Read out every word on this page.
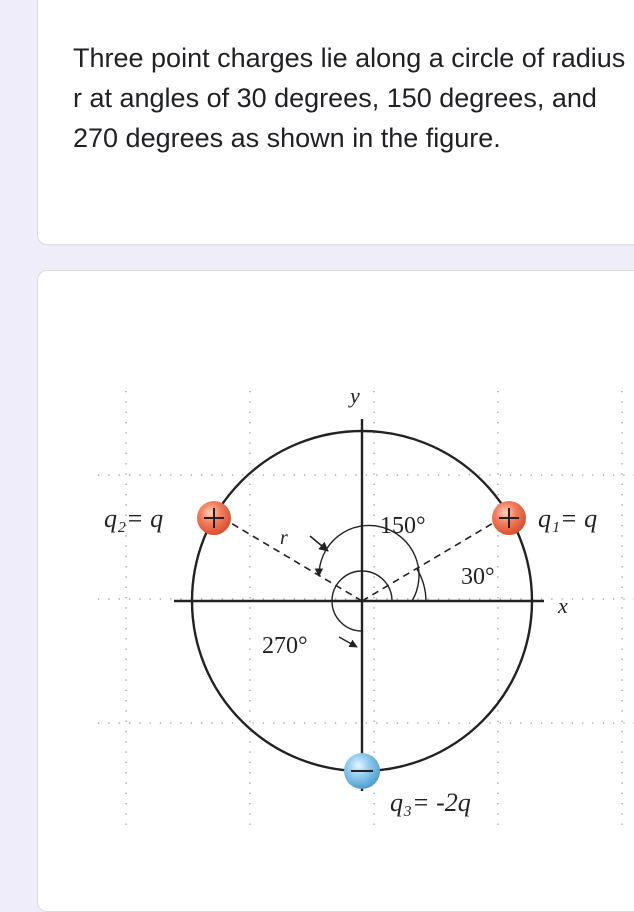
Three point charges lie along a circle of radius r at angles of 30 degrees, 150 degrees, and 270 degrees as shown in the figure.

y
x
r	150°
30°
270°
q₁= q
q₂= q
q₃= -2q
